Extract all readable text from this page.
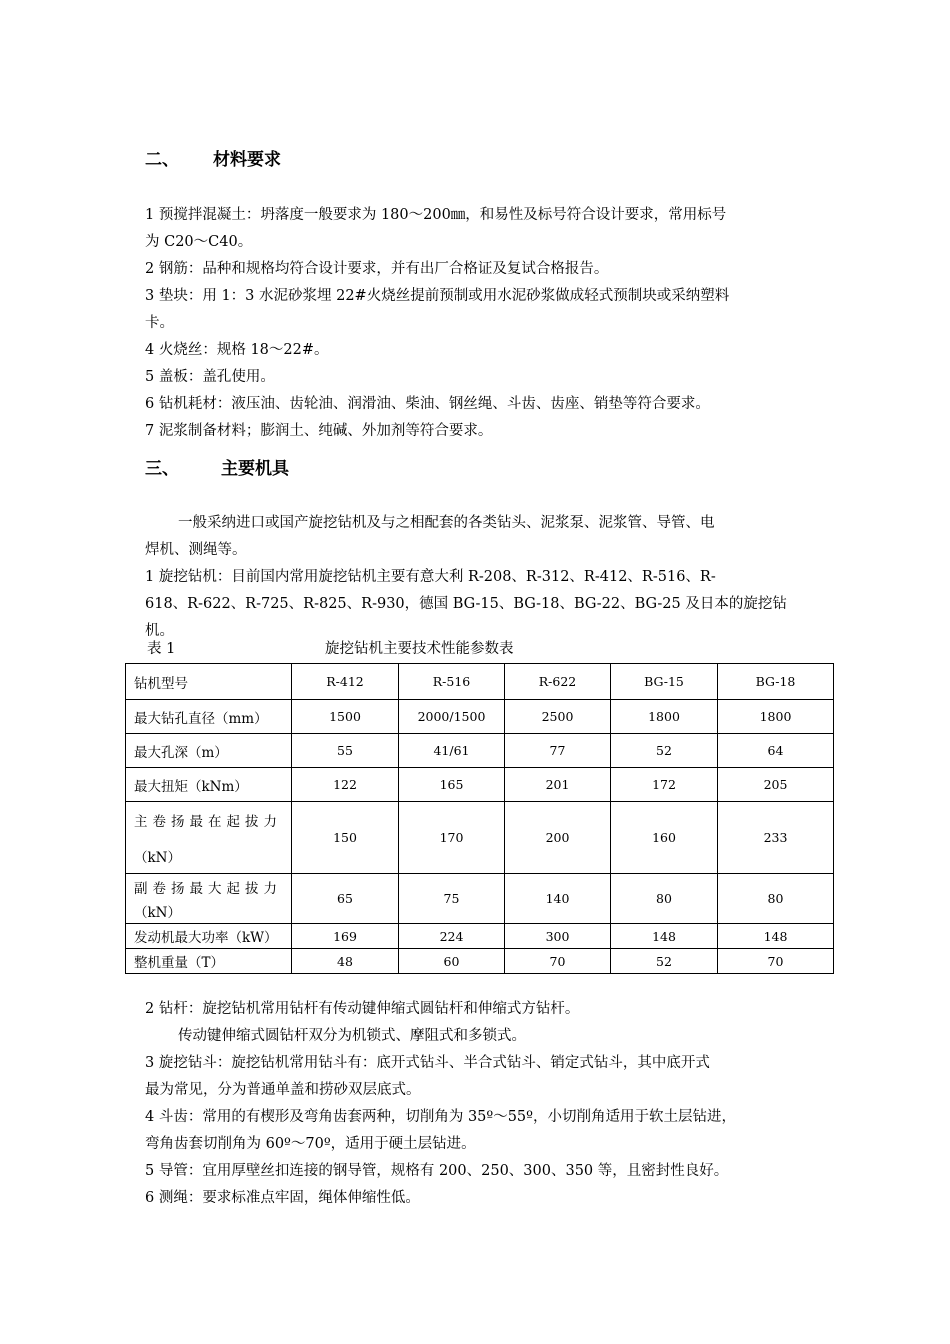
二、 材料要求

1 预搅拌混凝土：坍落度一般要求为 180～200㎜，和易性及标号符合设计要求，常用标号

为 C20～C40。

2 钢筋：品种和规格均符合设计要求，并有出厂合格证及复试合格报告。

3 垫块：用 1：3 水泥砂浆埋 22#火烧丝提前预制或用水泥砂浆做成轻式预制块或采纳塑料

卡。

4 火烧丝：规格 18～22#。

5 盖板：盖孔使用。

6 钻机耗材：液压油、齿轮油、润滑油、柴油、钢丝绳、斗齿、齿座、销垫等符合要求。

7 泥浆制备材料；膨润土、纯碱、外加剂等符合要求。

三、 主要机具

一般采纳进口或国产旋挖钻机及与之相配套的各类钻头、泥浆泵、泥浆管、导管、电

焊机、测绳等。

1 旋挖钻机：目前国内常用旋挖钻机主要有意大利 R-208、R-312、R-412、R-516、R-

618、R-622、R-725、R-825、R-930，德国 BG-15、BG-18、BG-22、BG-25 及日本的旋挖钻

机。

表 1	旋挖钻机主要技术性能参数表
钻机型号	R-412	R-516	R-622	BG-15	BG-18
最大钻孔直径（mm）	1500	2000/1500	2500	1800	1800
最大孔深（m）	55	41/61	77	52	64
最大扭矩（kNm）	122	165	201	172	205

主卷扬最在起拔力
（kN）	150	170	200	160	233

副卷扬最大起拔力
（kN）	65	75	140	80	80
发动机最大功率（kW）	169	224	300	148	148
整机重量（T）	48	60	70	52	70

2 钻杆：旋挖钻机常用钻杆有传动键伸缩式圆钻杆和伸缩式方钻杆。

传动键伸缩式圆钻杆双分为机锁式、摩阻式和多锁式。

3 旋挖钻斗：旋挖钻机常用钻斗有：底开式钻斗、半合式钻斗、销定式钻斗，其中底开式

最为常见，分为普通单盖和捞砂双层底式。

4 斗齿：常用的有楔形及弯角齿套两种，切削角为 35º～55º，小切削角适用于软土层钻进，

弯角齿套切削角为 60º～70º，适用于硬土层钻进。

5 导管：宜用厚壁丝扣连接的钢导管，规格有 200、250、300、350 等，且密封性良好。

6 测绳：要求标准点牢固，绳体伸缩性低。
